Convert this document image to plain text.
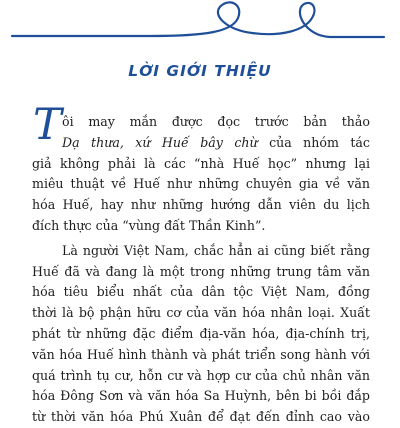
LỜI GIỚI THIỆU
T ôi may mắn được đọc trước bản thảo
Dạ thưa, xứ Huế bây chừ của nhóm tác
giả không phải là các “nhà Huế học” nhưng lại
miêu thuật về Huế như những chuyên gia về văn
hóa Huế, hay như những hướng dẫn viên du lịch
đích thực của “vùng đất Thần Kinh”.
Là người Việt Nam, chắc hẳn ai cũng biết rằng
Huế đã và đang là một trong những trung tâm văn
hóa tiêu biểu nhất của dân tộc Việt Nam, đồng
thời là bộ phận hữu cơ của văn hóa nhân loại. Xuất
phát từ những đặc điểm địa-văn hóa, địa-chính trị,
văn hóa Huế hình thành và phát triển song hành với
quá trình tụ cư, hỗn cư và hợp cư của chủ nhân văn
hóa Đông Sơn và văn hóa Sa Huỳnh, bên bi bồi đắp
từ thời văn hóa Phú Xuân để đạt đến đỉnh cao vào
